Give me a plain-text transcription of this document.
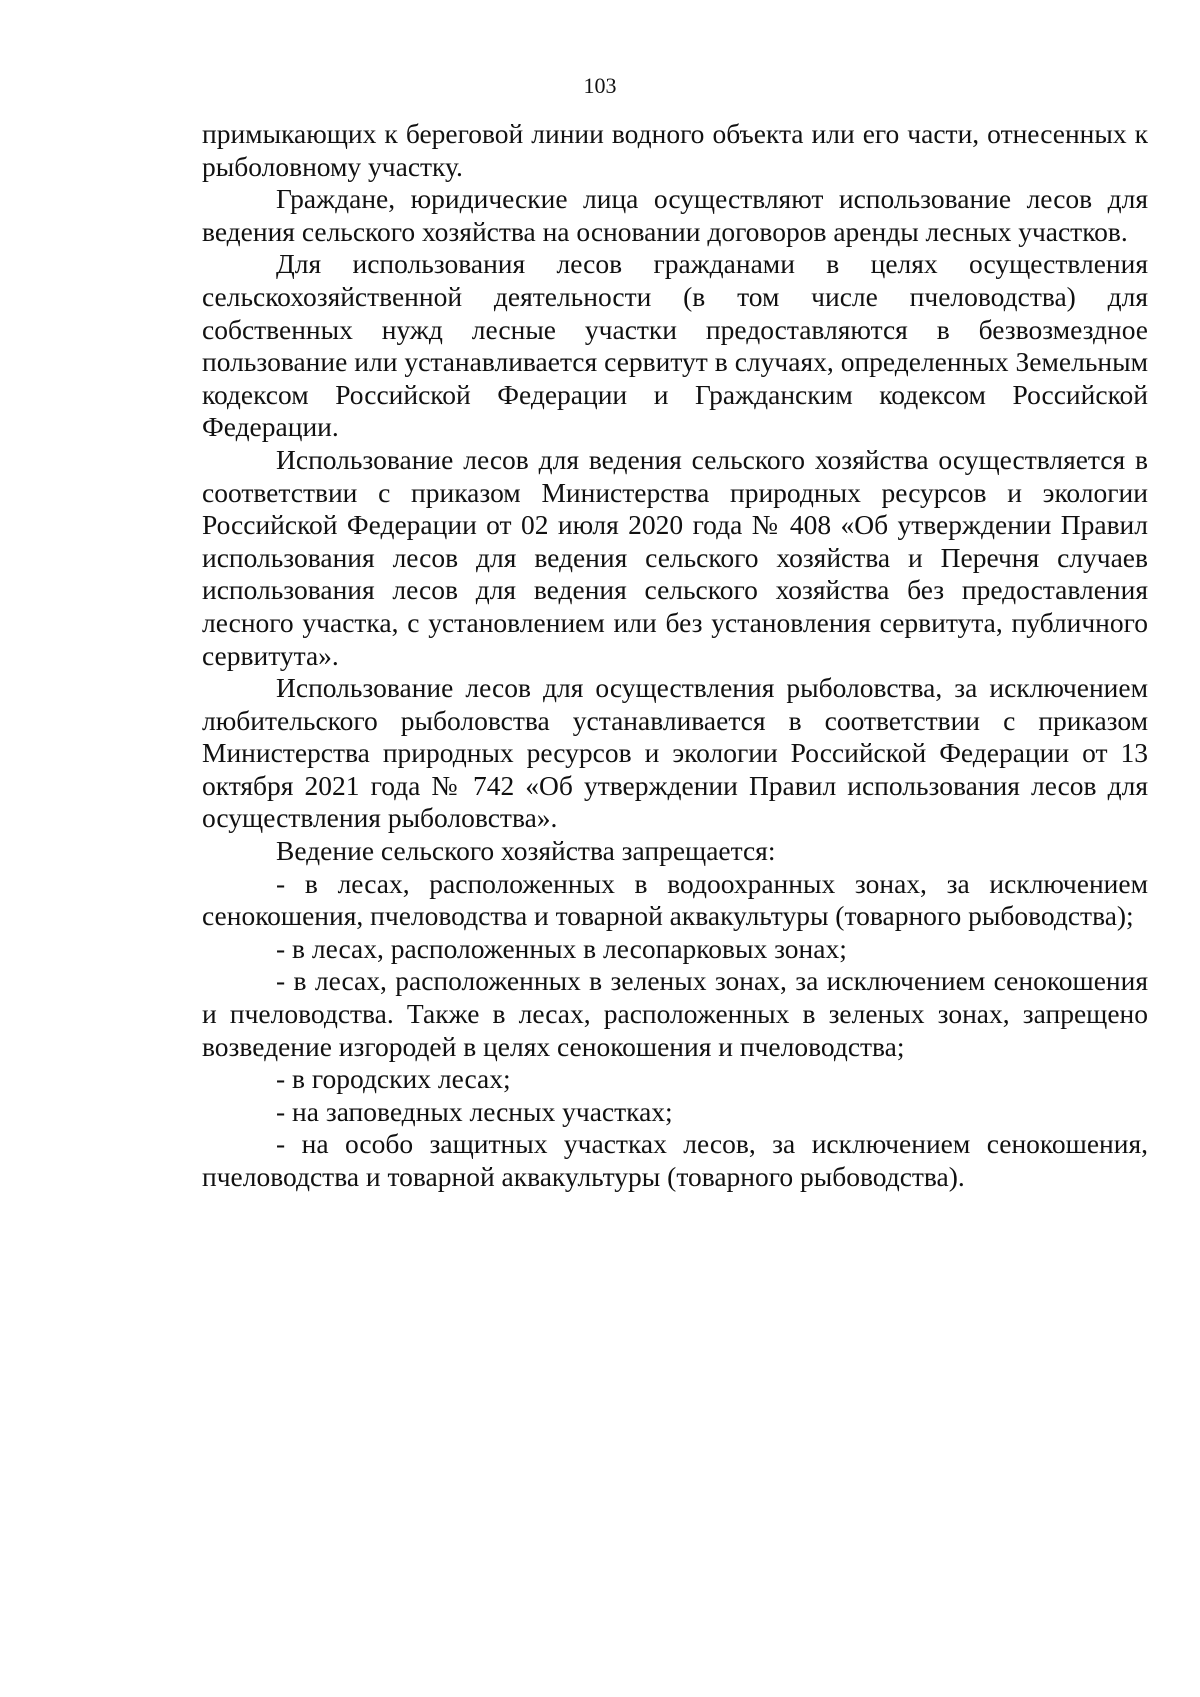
103

примыкающих к береговой линии водного объекта или его части, отнесенных к рыболовному участку.

Граждане, юридические лица осуществляют использование лесов для ведения сельского хозяйства на основании договоров аренды лесных участков.

Для использования лесов гражданами в целях осуществления сельскохозяйственной деятельности (в том числе пчеловодства) для собственных нужд лесные участки предоставляются в безвозмездное пользование или устанавливается сервитут в случаях, определенных Земельным кодексом Российской Федерации и Гражданским кодексом Российской Федерации.

Использование лесов для ведения сельского хозяйства осуществляется в соответствии с приказом Министерства природных ресурсов и экологии Российской Федерации от 02 июля 2020 года № 408 «Об утверждении Правил использования лесов для ведения сельского хозяйства и Перечня случаев использования лесов для ведения сельского хозяйства без предоставления лесного участка, с установлением или без установления сервитута, публичного сервитута».

Использование лесов для осуществления рыболовства, за исключением любительского рыболовства устанавливается в соответствии с приказом Министерства природных ресурсов и экологии Российской Федерации от 13 октября 2021 года № 742 «Об утверждении Правил использования лесов для осуществления рыболовства».

Ведение сельского хозяйства запрещается:

- в лесах, расположенных в водоохранных зонах, за исключением сенокошения, пчеловодства и товарной аквакультуры (товарного рыбоводства);

- в лесах, расположенных в лесопарковых зонах;

- в лесах, расположенных в зеленых зонах, за исключением сенокошения и пчеловодства. Также в лесах, расположенных в зеленых зонах, запрещено возведение изгородей в целях сенокошения и пчеловодства;

- в городских лесах;

- на заповедных лесных участках;

- на особо защитных участках лесов, за исключением сенокошения, пчеловодства и товарной аквакультуры (товарного рыбоводства).
